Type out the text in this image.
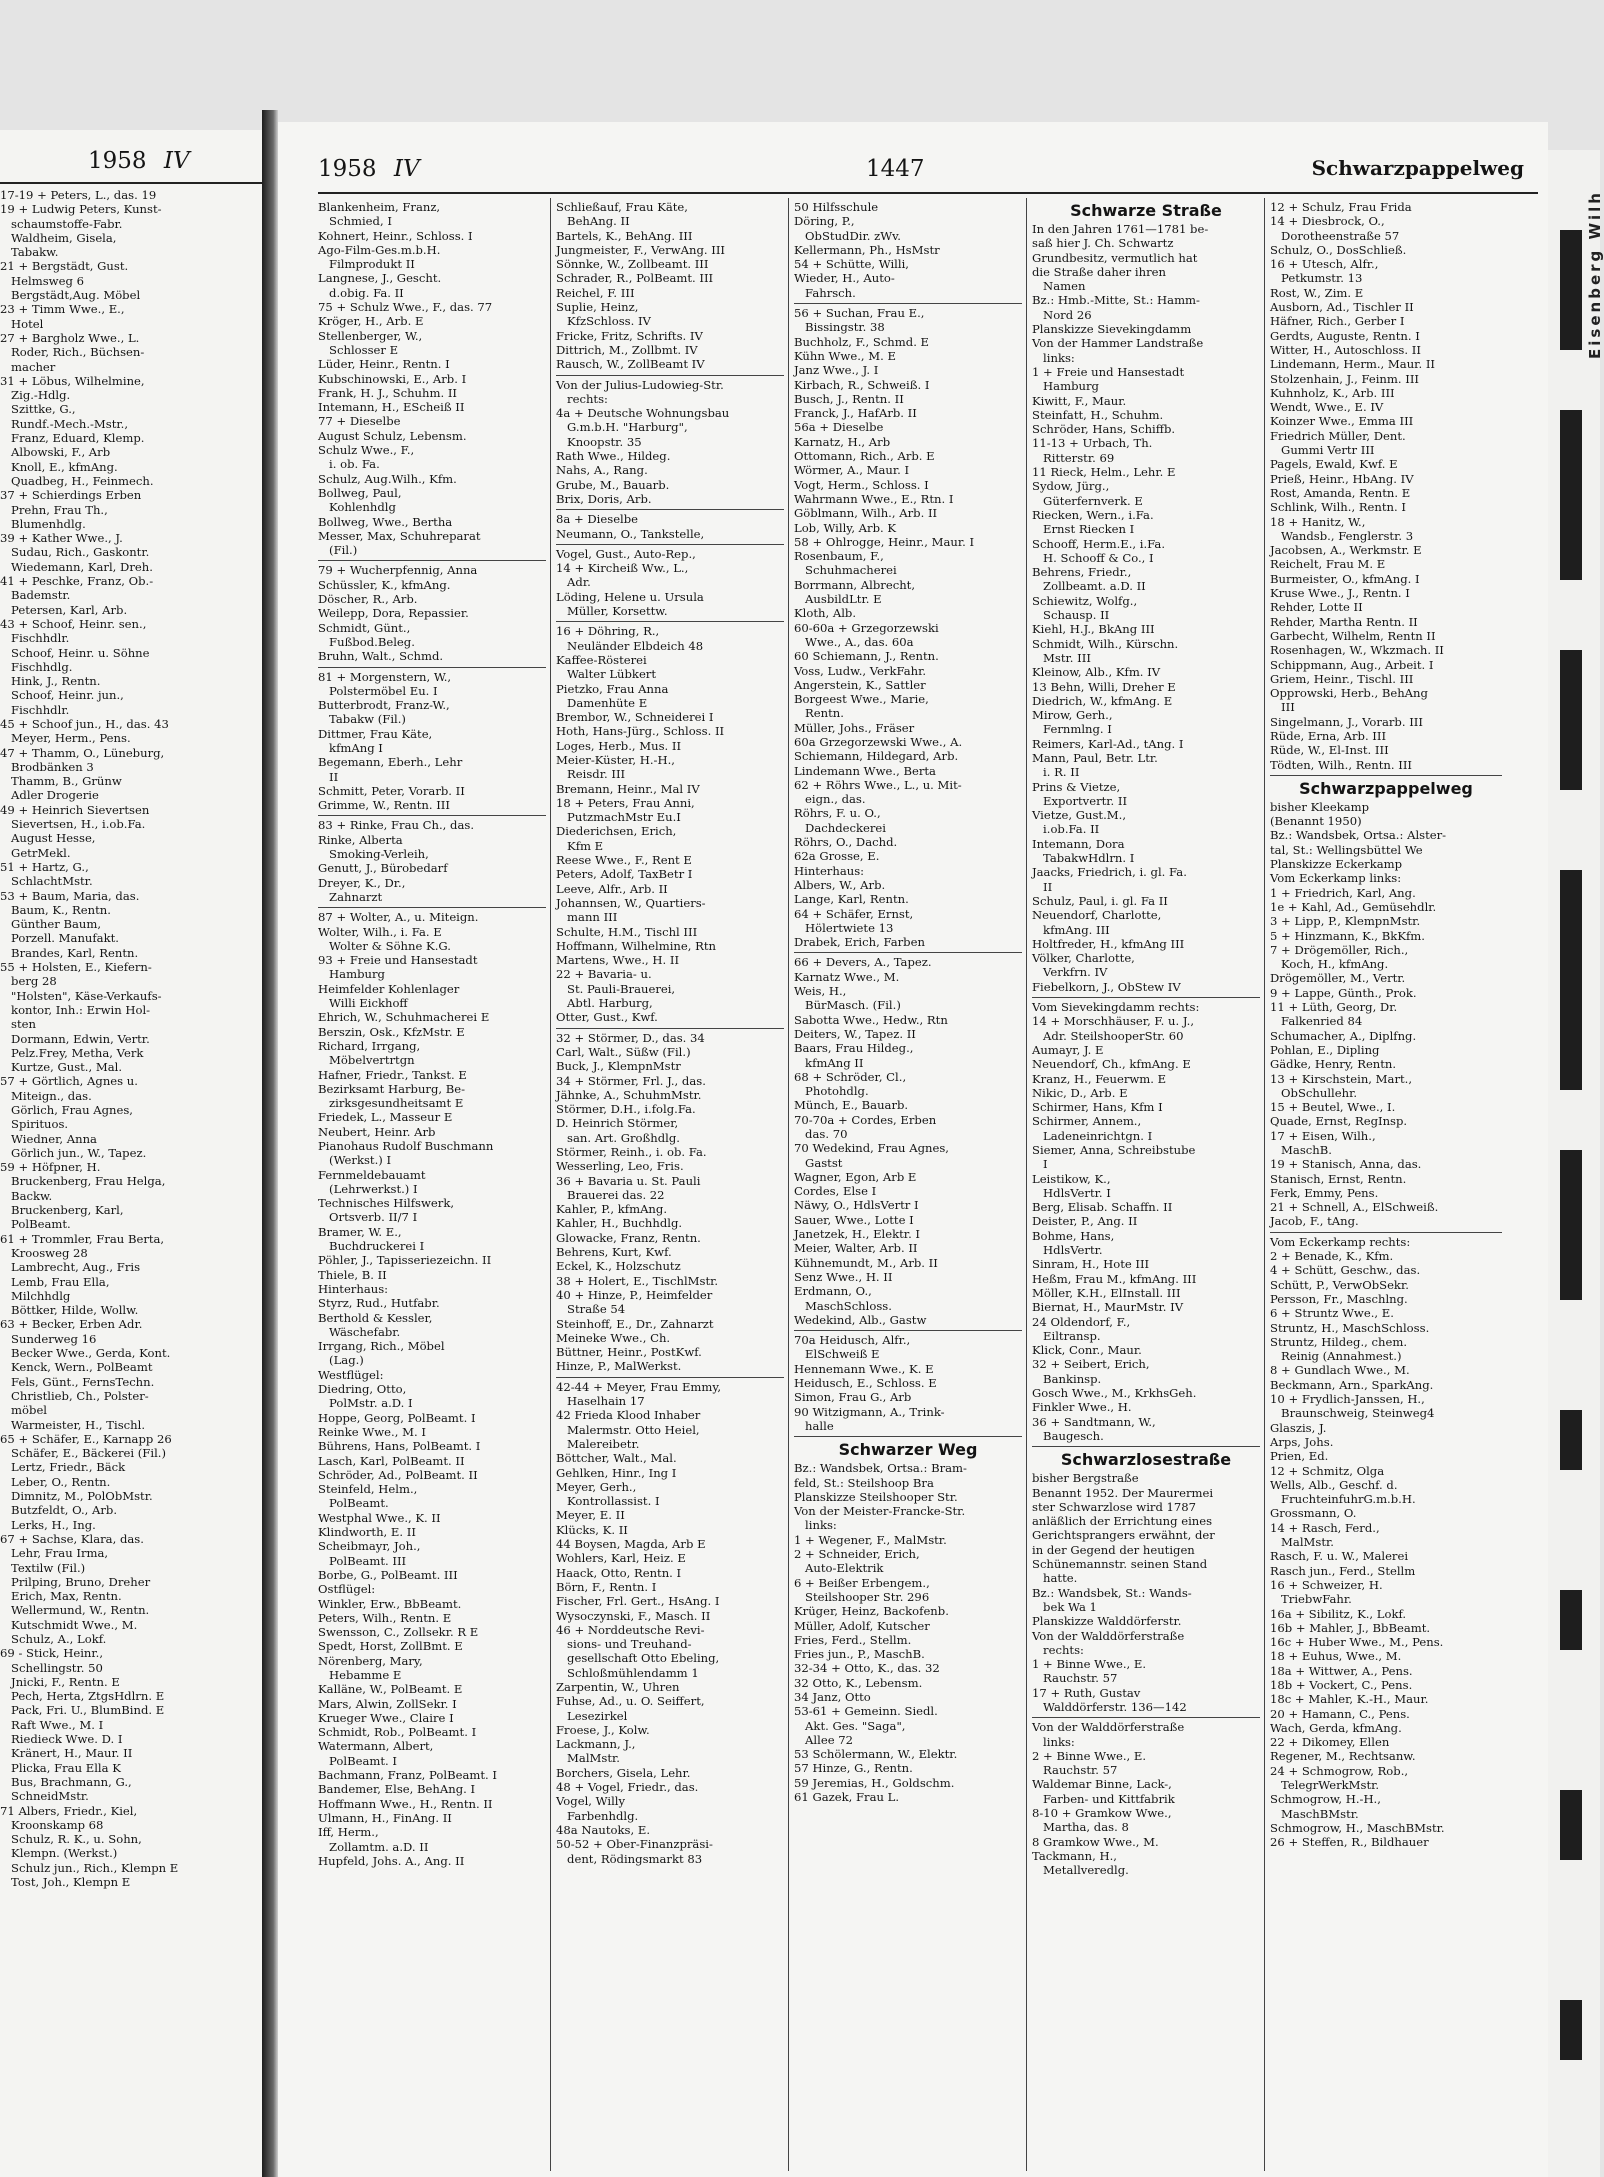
1958 IV
17-19 + Peters, L., das. 19
19 + Ludwig Peters, Kunst-
schaumstoffe-Fabr.
Waldheim, Gisela,
Tabakw.
21 + Bergstädt, Gust.
Helmsweg 6
Bergstädt,Aug. Möbel
23 + Timm Wwe., E.,
Hotel
27 + Bargholz Wwe., L.
Roder, Rich., Büchsen-
macher
31 + Löbus, Wilhelmine,
Zig.-Hdlg.
Szittke, G.,
Rundf.-Mech.-Mstr.,
Franz, Eduard, Klemp.
Albowski, F., Arb
Knoll, E., kfmAng.
Quadbeg, H., Feinmech.
37 + Schierdings Erben
Prehn, Frau Th.,
Blumenhdlg.
39 + Kather Wwe., J.
Sudau, Rich., Gaskontr.
Wiedemann, Karl, Dreh.
41 + Peschke, Franz, Ob.-
Bademstr.
Petersen, Karl, Arb.
43 + Schoof, Heinr. sen.,
Fischhdlr.
Schoof, Heinr. u. Söhne
Fischhdlg.
Hink, J., Rentn.
Schoof, Heinr. jun.,
Fischhdlr.
45 + Schoof jun., H., das. 43
Meyer, Herm., Pens.
47 + Thamm, O., Lüneburg,
Brodbänken 3
Thamm, B., Grünw
Adler Drogerie
49 + Heinrich Sievertsen
Sievertsen, H., i.ob.Fa.
August Hesse,
GetrMekl.
51 + Hartz, G.,
SchlachtMstr.
53 + Baum, Maria, das.
Baum, K., Rentn.
Günther Baum,
Porzell. Manufakt.
Brandes, Karl, Rentn.
55 + Holsten, E., Kiefern-
berg 28
"Holsten", Käse-Verkaufs-
kontor, Inh.: Erwin Hol-
sten
Dormann, Edwin, Vertr.
Pelz.Frey, Metha, Verk
Kurtze, Gust., Mal.
57 + Görtlich, Agnes u.
Miteign., das.
Görlich, Frau Agnes,
Spirituos.
Wiedner, Anna
Görlich jun., W., Tapez.
59 + Höfpner, H.
Bruckenberg, Frau Helga,
Backw.
Bruckenberg, Karl,
PolBeamt.
61 + Trommler, Frau Berta,
Kroosweg 28
Lambrecht, Aug., Fris
Lemb, Frau Ella,
Milchhdlg
Böttker, Hilde, Wollw.
63 + Becker, Erben Adr.
Sunderweg 16
Becker Wwe., Gerda, Kont.
Kenck, Wern., PolBeamt
Fels, Günt., FernsTechn.
Christlieb, Ch., Polster-
möbel
Warmeister, H., Tischl.
65 + Schäfer, E., Karnapp 26
Schäfer, E., Bäckerei (Fil.)
Lertz, Friedr., Bäck
Leber, O., Rentn.
Dimnitz, M., PolObMstr.
Butzfeldt, O., Arb.
Lerks, H., Ing.
67 + Sachse, Klara, das.
Lehr, Frau Irma,
Textilw (Fil.)
Prilping, Bruno, Dreher
Erich, Max, Rentn.
Wellermund, W., Rentn.
Kutschmidt Wwe., M.
Schulz, A., Lokf.
69 - Stick, Heinr.,
Schellingstr. 50
Jnicki, F., Rentn. E
Pech, Herta, ZtgsHdlrn. E
Pack, Fri. U., BlumBind. E
Raft Wwe., M. I
Riedieck Wwe. D. I
Kränert, H., Maur. II
Plicka, Frau Ella K
Bus, Brachmann, G.,
SchneidMstr.
71 Albers, Friedr., Kiel,
Kroonskamp 68
Schulz, R. K., u. Sohn,
Klempn. (Werkst.)
Schulz jun., Rich., Klempn E
Tost, Joh., Klempn E
1958 IV	1447	Schwarzpappelweg
Blankenheim, Franz,
Schmied, I
Kohnert, Heinr., Schloss. I
Ago-Film-Ges.m.b.H.
Filmprodukt II
Langnese, J., Gescht.
d.obig. Fa. II
75 + Schulz Wwe., F., das. 77
Kröger, H., Arb. E
Stellenberger, W.,
Schlosser E
Lüder, Heinr., Rentn. I
Kubschinowski, E., Arb. I
Frank, H. J., Schuhm. II
Intemann, H., EScheiß II
77 + Dieselbe
August Schulz, Lebensm.
Schulz Wwe., F.,
i. ob. Fa.
Schulz, Aug.Wilh., Kfm.
Bollweg, Paul,
Kohlenhdlg
Bollweg, Wwe., Bertha
Messer, Max, Schuhreparat
(Fil.)
79 + Wucherpfennig, Anna
Schüssler, K., kfmAng.
Döscher, R., Arb.
Weilepp, Dora, Repassier.
Schmidt, Günt.,
Fußbod.Beleg.
Bruhn, Walt., Schmd.
81 + Morgenstern, W.,
Polstermöbel Eu. I
Butterbrodt, Franz-W.,
Tabakw (Fil.)
Dittmer, Frau Käte,
kfmAng I
Begemann, Eberh., Lehr
II
Schmitt, Peter, Vorarb. II
Grimme, W., Rentn. III
83 + Rinke, Frau Ch., das.
Rinke, Alberta
Smoking-Verleih,
Genutt, J., Bürobedarf
Dreyer, K., Dr.,
Zahnarzt
87 + Wolter, A., u. Miteign.
Wolter, Wilh., i. Fa. E
Wolter & Söhne K.G.
93 + Freie und Hansestadt
Hamburg
Heimfelder Kohlenlager
Willi Eickhoff
Ehrich, W., Schuhmacherei E
Berszin, Osk., KfzMstr. E
Richard, Irrgang,
Möbelvertrtgn
Hafner, Friedr., Tankst. E
Bezirksamt Harburg, Be-
zirksgesundheitsamt E
Friedek, L., Masseur E
Neubert, Heinr. Arb
Pianohaus Rudolf Buschmann
(Werkst.) I
Fernmeldebauamt
(Lehrwerkst.) I
Technisches Hilfswerk,
Ortsverb. II/7 I
Bramer, W. E.,
Buchdruckerei I
Pöhler, J., Tapisseriezeichn. II
Thiele, B. II
Hinterhaus:
Styrz, Rud., Hutfabr.
Berthold & Kessler,
Wäschefabr.
Irrgang, Rich., Möbel
(Lag.)
Westflügel:
Diedring, Otto,
PolMstr. a.D. I
Hoppe, Georg, PolBeamt. I
Reinke Wwe., M. I
Bührens, Hans, PolBeamt. I
Lasch, Karl, PolBeamt. II
Schröder, Ad., PolBeamt. II
Steinfeld, Helm.,
PolBeamt.
Westphal Wwe., K. II
Klindworth, E. II
Scheibmayr, Joh.,
PolBeamt. III
Borbe, G., PolBeamt. III
Ostflügel:
Winkler, Erw., BbBeamt.
Peters, Wilh., Rentn. E
Swensson, C., Zollsekr. R E
Spedt, Horst, ZollBmt. E
Nörenberg, Mary,
Hebamme E
Kalläne, W., PolBeamt. E
Mars, Alwin, ZollSekr. I
Krueger Wwe., Claire I
Schmidt, Rob., PolBeamt. I
Watermann, Albert,
PolBeamt. I
Bachmann, Franz, PolBeamt. I
Bandemer, Else, BehAng. I
Hoffmann Wwe., H., Rentn. II
Ulmann, H., FinAng. II
Iff, Herm.,
Zollamtm. a.D. II
Hupfeld, Johs. A., Ang. II
Schließauf, Frau Käte,
BehAng. II
Bartels, K., BehAng. III
Jungmeister, F., VerwAng. III
Sönnke, W., Zollbeamt. III
Schrader, R., PolBeamt. III
Reichel, F. III
Suplie, Heinz,
KfzSchloss. IV
Fricke, Fritz, Schrifts. IV
Dittrich, M., Zollbmt. IV
Rausch, W., ZollBeamt IV
Von der Julius-Ludowieg-Str.
rechts:
4a + Deutsche Wohnungsbau
G.m.b.H. "Harburg",
Knoopstr. 35
Rath Wwe., Hildeg.
Nahs, A., Rang.
Grube, M., Bauarb.
Brix, Doris, Arb.
8a + Dieselbe
Neumann, O., Tankstelle,
Vogel, Gust., Auto-Rep.,
14 + Kircheiß Ww., L.,
Adr.
Löding, Helene u. Ursula
Müller, Korsettw.
16 + Döhring, R.,
Neuländer Elbdeich 48
Kaffee-Rösterei
Walter Lübkert
Pietzko, Frau Anna
Damenhüte E
Brembor, W., Schneiderei I
Hoth, Hans-Jürg., Schloss. II
Loges, Herb., Mus. II
Meier-Küster, H.-H.,
Reisdr. III
Bremann, Heinr., Mal IV
18 + Peters, Frau Anni,
PutzmachMstr Eu.I
Diederichsen, Erich,
Kfm E
Reese Wwe., F., Rent E
Peters, Adolf, TaxBetr I
Leeve, Alfr., Arb. II
Johannsen, W., Quartiers-
mann III
Schulte, H.M., Tischl III
Hoffmann, Wilhelmine, Rtn
Martens, Wwe., H. II
22 + Bavaria- u.
St. Pauli-Brauerei,
Abtl. Harburg,
Otter, Gust., Kwf.
32 + Störmer, D., das. 34
Carl, Walt., Süßw (Fil.)
Buck, J., KlempnMstr
34 + Störmer, Frl. J., das.
Jähnke, A., SchuhmMstr.
Störmer, D.H., i.folg.Fa.
D. Heinrich Störmer,
san. Art. Großhdlg.
Störmer, Reinh., i. ob. Fa.
Wesserling, Leo, Fris.
36 + Bavaria u. St. Pauli
Brauerei das. 22
Kahler, P., kfmAng.
Kahler, H., Buchhdlg.
Glowacke, Franz, Rentn.
Behrens, Kurt, Kwf.
Eckel, K., Holzschutz
38 + Holert, E., TischlMstr.
40 + Hinze, P., Heimfelder
Straße 54
Steinhoff, E., Dr., Zahnarzt
Meineke Wwe., Ch.
Büttner, Heinr., PostKwf.
Hinze, P., MalWerkst.
42-44 + Meyer, Frau Emmy,
Haselhain 17
42 Frieda Klood Inhaber
Malermstr. Otto Heiel,
Malereibetr.
Böttcher, Walt., Mal.
Gehlken, Hinr., Ing I
Meyer, Gerh.,
Kontrollassist. I
Meyer, E. II
Klücks, K. II
44 Boysen, Magda, Arb E
Wohlers, Karl, Heiz. E
Haack, Otto, Rentn. I
Börn, F., Rentn. I
Fischer, Frl. Gert., HsAng. I
Wysoczynski, F., Masch. II
46 + Norddeutsche Revi-
sions- und Treuhand-
gesellschaft Otto Ebeling,
Schloßmühlendamm 1
Zarpentin, W., Uhren
Fuhse, Ad., u. O. Seiffert,
Lesezirkel
Froese, J., Kolw.
Lackmann, J.,
MalMstr.
Borchers, Gisela, Lehr.
48 + Vogel, Friedr., das.
Vogel, Willy
Farbenhdlg.
48a Nautoks, E.
50-52 + Ober-Finanzpräsi-
dent, Rödingsmarkt 83
50 Hilfsschule
Döring, P.,
ObStudDir. zWv.
Kellermann, Ph., HsMstr
54 + Schütte, Willi,
Wieder, H., Auto-
Fahrsch.
56 + Suchan, Frau E.,
Bissingstr. 38
Buchholz, F., Schmd. E
Kühn Wwe., M. E
Janz Wwe., J. I
Kirbach, R., Schweiß. I
Busch, J., Rentn. II
Franck, J., HafArb. II
56a + Dieselbe
Karnatz, H., Arb
Ottomann, Rich., Arb. E
Wörmer, A., Maur. I
Vogt, Herm., Schloss. I
Wahrmann Wwe., E., Rtn. I
Göblmann, Wilh., Arb. II
Lob, Willy, Arb. K
58 + Ohlrogge, Heinr., Maur. I
Rosenbaum, F.,
Schuhmacherei
Borrmann, Albrecht,
AusbildLtr. E
Kloth, Alb.
60-60a + Grzegorzewski
Wwe., A., das. 60a
60 Schiemann, J., Rentn.
Voss, Ludw., VerkFahr.
Angerstein, K., Sattler
Borgeest Wwe., Marie,
Rentn.
Müller, Johs., Fräser
60a Grzegorzewski Wwe., A.
Schiemann, Hildegard, Arb.
Lindemann Wwe., Berta
62 + Röhrs Wwe., L., u. Mit-
eign., das.
Röhrs, F. u. O.,
Dachdeckerei
Röhrs, O., Dachd.
62a Grosse, E.
Hinterhaus:
Albers, W., Arb.
Lange, Karl, Rentn.
64 + Schäfer, Ernst,
Hölertwiete 13
Drabek, Erich, Farben
66 + Devers, A., Tapez.
Karnatz Wwe., M.
Weis, H.,
BürMasch. (Fil.)
Sabotta Wwe., Hedw., Rtn
Deiters, W., Tapez. II
Baars, Frau Hildeg.,
kfmAng II
68 + Schröder, Cl.,
Photohdlg.
Münch, E., Bauarb.
70-70a + Cordes, Erben
das. 70
70 Wedekind, Frau Agnes,
Gastst
Wagner, Egon, Arb E
Cordes, Else I
Näwy, O., HdlsVertr I
Sauer, Wwe., Lotte I
Janetzek, H., Elektr. I
Meier, Walter, Arb. II
Kühnemundt, M., Arb. II
Senz Wwe., H. II
Erdmann, O.,
MaschSchloss.
Wedekind, Alb., Gastw
70a Heidusch, Alfr.,
ElSchweiß E
Hennemann Wwe., K. E
Heidusch, E., Schloss. E
Simon, Frau G., Arb
90 Witzigmann, A., Trink-
halle
Schwarzer Weg
Bz.: Wandsbek, Ortsa.: Bram-
feld, St.: Steilshoop Bra
Planskizze Steilshooper Str.
Von der Meister-Francke-Str.
links:
1 + Wegener, F., MalMstr.
2 + Schneider, Erich,
Auto-Elektrik
6 + Beißer Erbengem.,
Steilshooper Str. 296
Krüger, Heinz, Backofenb.
Müller, Adolf, Kutscher
Fries, Ferd., Stellm.
Fries jun., P., MaschB.
32-34 + Otto, K., das. 32
32 Otto, K., Lebensm.
34 Janz, Otto
53-61 + Gemeinn. Siedl.
Akt. Ges. "Saga",
Allee 72
53 Schölermann, W., Elektr.
57 Hinze, G., Rentn.
59 Jeremias, H., Goldschm.
61 Gazek, Frau L.
Schwarze Straße
In den Jahren 1761—1781 be-
saß hier J. Ch. Schwartz
Grundbesitz, vermutlich hat
die Straße daher ihren
Namen
Bz.: Hmb.-Mitte, St.: Hamm-
Nord 26
Planskizze Sievekingdamm
Von der Hammer Landstraße
links:
1 + Freie und Hansestadt
Hamburg
Kiwitt, F., Maur.
Steinfatt, H., Schuhm.
Schröder, Hans, Schiffb.
11-13 + Urbach, Th.
Ritterstr. 69
11 Rieck, Helm., Lehr. E
Sydow, Jürg.,
Güterfernverk. E
Riecken, Wern., i.Fa.
Ernst Riecken I
Schooff, Herm.E., i.Fa.
H. Schooff & Co., I
Behrens, Friedr.,
Zollbeamt. a.D. II
Schiewitz, Wolfg.,
Schausp. II
Kiehl, H.J., BkAng III
Schmidt, Wilh., Kürschn.
Mstr. III
Kleinow, Alb., Kfm. IV
13 Behn, Willi, Dreher E
Diedrich, W., kfmAng. E
Mirow, Gerh.,
Fernmlng. I
Reimers, Karl-Ad., tAng. I
Mann, Paul, Betr. Ltr.
i. R. II
Prins & Vietze,
Exportvertr. II
Vietze, Gust.M.,
i.ob.Fa. II
Intemann, Dora
TabakwHdlrn. I
Jaacks, Friedrich, i. gl. Fa.
II
Schulz, Paul, i. gl. Fa II
Neuendorf, Charlotte,
kfmAng. III
Holtfreder, H., kfmAng III
Völker, Charlotte,
Verkfrn. IV
Fiebelkorn, J., ObStew IV
Vom Sievekingdamm rechts:
14 + Morschhäuser, F. u. J.,
Adr. SteilshooperStr. 60
Aumayr, J. E
Neuendorf, Ch., kfmAng. E
Kranz, H., Feuerwm. E
Nikic, D., Arb. E
Schirmer, Hans, Kfm I
Schirmer, Annem.,
Ladeneinrichtgn. I
Siemer, Anna, Schreibstube
I
Leistikow, K.,
HdlsVertr. I
Berg, Elisab. Schaffn. II
Deister, P., Ang. II
Bohme, Hans,
HdlsVertr.
Sinram, H., Hote III
Heßm, Frau M., kfmAng. III
Möller, K.H., ElInstall. III
Biernat, H., MaurMstr. IV
24 Oldendorf, F.,
Eiltransp.
Klick, Conr., Maur.
32 + Seibert, Erich,
Bankinsp.
Gosch Wwe., M., KrkhsGeh.
Finkler Wwe., H.
36 + Sandtmann, W.,
Baugesch.
Schwarzlosestraße
bisher Bergstraße
Benannt 1952. Der Maurermei
ster Schwarzlose wird 1787
anläßlich der Errichtung eines
Gerichtsprangers erwähnt, der
in der Gegend der heutigen
Schünemannstr. seinen Stand
hatte.
Bz.: Wandsbek, St.: Wands-
bek Wa 1
Planskizze Walddörferstr.
Von der Walddörferstraße
rechts:
1 + Binne Wwe., E.
Rauchstr. 57
17 + Ruth, Gustav
Walddörferstr. 136—142
Von der Walddörferstraße
links:
2 + Binne Wwe., E.
Rauchstr. 57
Waldemar Binne, Lack-,
Farben- und Kittfabrik
8-10 + Gramkow Wwe.,
Martha, das. 8
8 Gramkow Wwe., M.
Tackmann, H.,
Metallveredlg.
12 + Schulz, Frau Frida
14 + Diesbrock, O.,
Dorotheenstraße 57
Schulz, O., DosSchließ.
16 + Utesch, Alfr.,
Petkumstr. 13
Rost, W., Zim. E
Ausborn, Ad., Tischler II
Häfner, Rich., Gerber I
Gerdts, Auguste, Rentn. I
Witter, H., Autoschloss. II
Lindemann, Herm., Maur. II
Stolzenhain, J., Feinm. III
Kuhnholz, K., Arb. III
Wendt, Wwe., E. IV
Koinzer Wwe., Emma III
Friedrich Müller, Dent.
Gummi Vertr III
Pagels, Ewald, Kwf. E
Prieß, Heinr., HbAng. IV
Rost, Amanda, Rentn. E
Schlink, Wilh., Rentn. I
18 + Hanitz, W.,
Wandsb., Fenglerstr. 3
Jacobsen, A., Werkmstr. E
Reichelt, Frau M. E
Burmeister, O., kfmAng. I
Kruse Wwe., J., Rentn. I
Rehder, Lotte II
Rehder, Martha Rentn. II
Garbecht, Wilhelm, Rentn II
Rosenhagen, W., Wkzmach. II
Schippmann, Aug., Arbeit. I
Griem, Heinr., Tischl. III
Opprowski, Herb., BehAng
III
Singelmann, J., Vorarb. III
Rüde, Erna, Arb. III
Rüde, W., El-Inst. III
Tödten, Wilh., Rentn. III
Schwarzpappelweg
bisher Kleekamp
(Benannt 1950)
Bz.: Wandsbek, Ortsa.: Alster-
tal, St.: Wellingsbüttel We
Planskizze Eckerkamp
Vom Eckerkamp links:
1 + Friedrich, Karl, Ang.
1e + Kahl, Ad., Gemüsehdlr.
3 + Lipp, P., KlempnMstr.
5 + Hinzmann, K., BkKfm.
7 + Drögemöller, Rich.,
Koch, H., kfmAng.
Drögemöller, M., Vertr.
9 + Lappe, Günth., Prok.
11 + Lüth, Georg, Dr.
Falkenried 84
Schumacher, A., Diplfng.
Pohlan, E., Dipling
Gädke, Henry, Rentn.
13 + Kirschstein, Mart.,
ObSchullehr.
15 + Beutel, Wwe., I.
Quade, Ernst, RegInsp.
17 + Eisen, Wilh.,
MaschB.
19 + Stanisch, Anna, das.
Stanisch, Ernst, Rentn.
Ferk, Emmy, Pens.
21 + Schnell, A., ElSchweiß.
Jacob, F., tAng.
Vom Eckerkamp rechts:
2 + Benade, K., Kfm.
4 + Schütt, Geschw., das.
Schütt, P., VerwObSekr.
Persson, Fr., Maschlng.
6 + Struntz Wwe., E.
Struntz, H., MaschSchloss.
Struntz, Hildeg., chem.
Reinig (Annahmest.)
8 + Gundlach Wwe., M.
Beckmann, Arn., SparkAng.
10 + Frydlich-Janssen, H.,
Braunschweig, Steinweg4
Glaszis, J.
Arps, Johs.
Prien, Ed.
12 + Schmitz, Olga
Wells, Alb., Geschf. d.
FruchteinfuhrG.m.b.H.
Grossmann, O.
14 + Rasch, Ferd.,
MalMstr.
Rasch, F. u. W., Malerei
Rasch jun., Ferd., Stellm
16 + Schweizer, H.
TriebwFahr.
16a + Sibilitz, K., Lokf.
16b + Mahler, J., BbBeamt.
16c + Huber Wwe., M., Pens.
18 + Euhus, Wwe., M.
18a + Wittwer, A., Pens.
18b + Vockert, C., Pens.
18c + Mahler, K.-H., Maur.
20 + Hamann, C., Pens.
Wach, Gerda, kfmAng.
22 + Dikomey, Ellen
Regener, M., Rechtsanw.
24 + Schmogrow, Rob.,
TelegrWerkMstr.
Schmogrow, H.-H.,
MaschBMstr.
Schmogrow, H., MaschBMstr.
26 + Steffen, R., Bildhauer
Eisenberg Wilh
